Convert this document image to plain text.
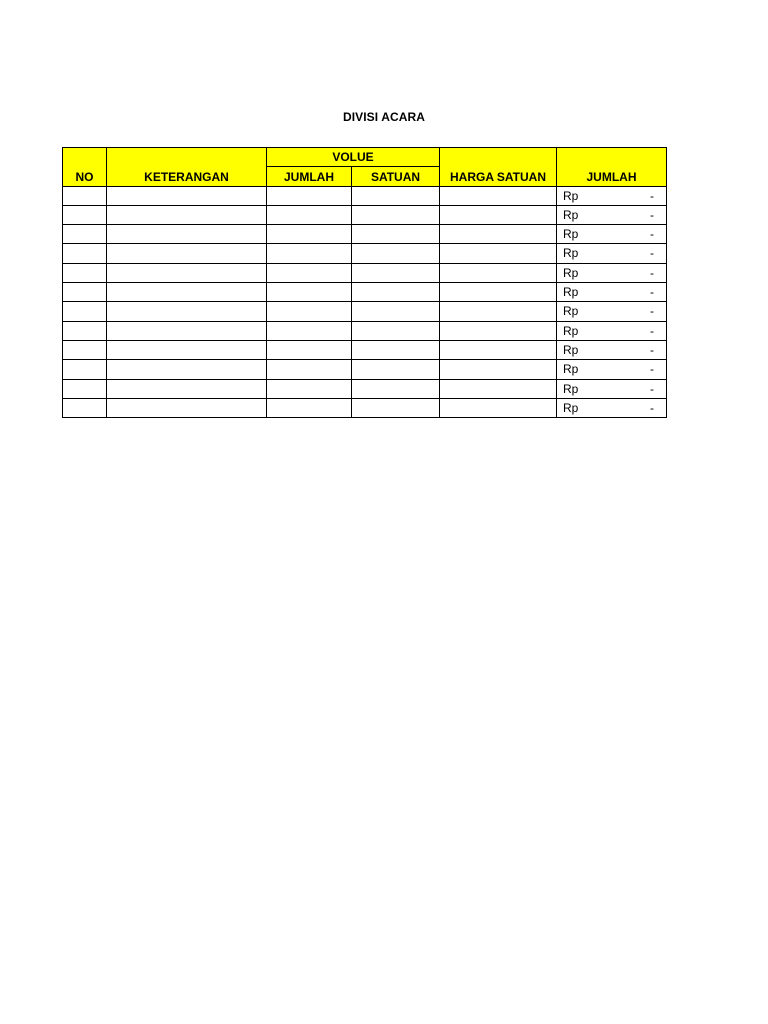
DIVISI ACARA
NO	KETERANGAN	VOLUE		HARGA SATUAN	JUMLAH
		JUMLAH	SATUAN		

					Rp -

					Rp -

					Rp -

					Rp -

					Rp -

					Rp -

					Rp -

					Rp -

					Rp -

					Rp -

					Rp -

					Rp -
